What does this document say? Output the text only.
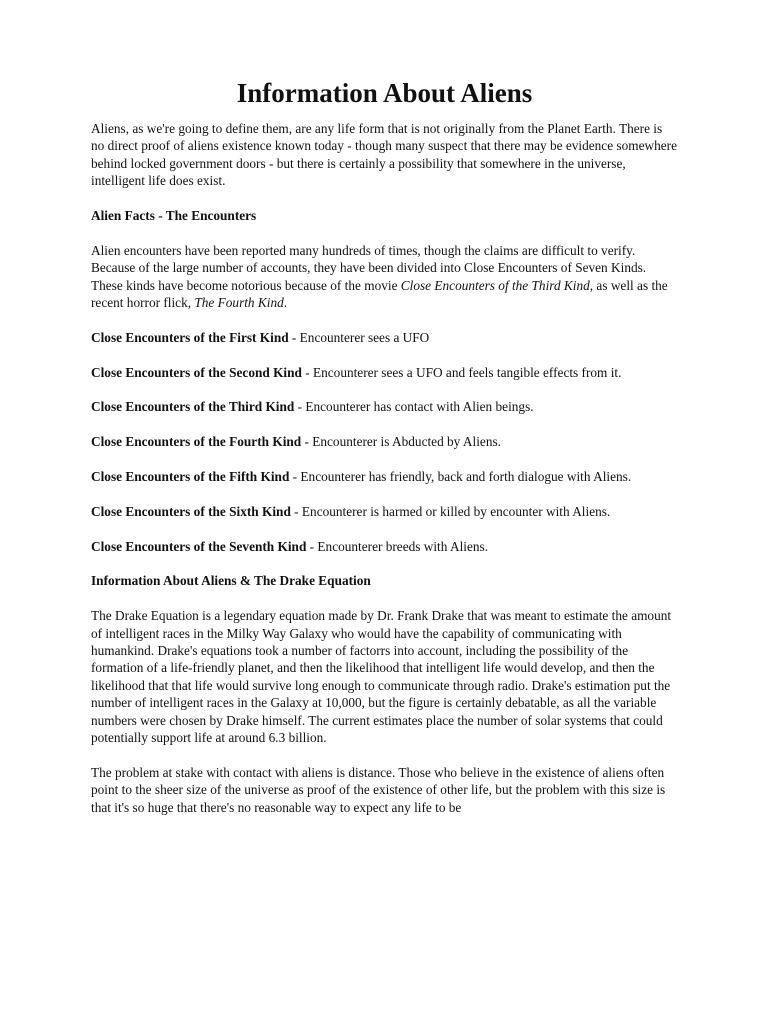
Information About Aliens

Aliens, as we're going to define them, are any life form that is not originally from the Planet Earth. There is no direct proof of aliens existence known today - though many suspect that there may be evidence somewhere behind locked government doors - but there is certainly a possibility that somewhere in the universe, intelligent life does exist.

Alien Facts - The Encounters

Alien encounters have been reported many hundreds of times, though the claims are difficult to verify. Because of the large number of accounts, they have been divided into Close Encounters of Seven Kinds. These kinds have become notorious because of the movie Close Encounters of the Third Kind, as well as the recent horror flick, The Fourth Kind.

Close Encounters of the First Kind - Encounterer sees a UFO

Close Encounters of the Second Kind - Encounterer sees a UFO and feels tangible effects from it.

Close Encounters of the Third Kind - Encounterer has contact with Alien beings.

Close Encounters of the Fourth Kind - Encounterer is Abducted by Aliens.

Close Encounters of the Fifth Kind - Encounterer has friendly, back and forth dialogue with Aliens.

Close Encounters of the Sixth Kind - Encounterer is harmed or killed by encounter with Aliens.

Close Encounters of the Seventh Kind - Encounterer breeds with Aliens.

Information About Aliens & The Drake Equation

The Drake Equation is a legendary equation made by Dr. Frank Drake that was meant to estimate the amount of intelligent races in the Milky Way Galaxy who would have the capability of communicating with humankind. Drake's equations took a number of factorrs into account, including the possibility of the formation of a life-friendly planet, and then the likelihood that intelligent life would develop, and then the likelihood that that life would survive long enough to communicate through radio. Drake's estimation put the number of intelligent races in the Galaxy at 10,000, but the figure is certainly debatable, as all the variable numbers were chosen by Drake himself. The current estimates place the number of solar systems that could potentially support life at around 6.3 billion.

The problem at stake with contact with aliens is distance. Those who believe in the existence of aliens often point to the sheer size of the universe as proof of the existence of other life, but the problem with this size is that it's so huge that there's no reasonable way to expect any life to be
